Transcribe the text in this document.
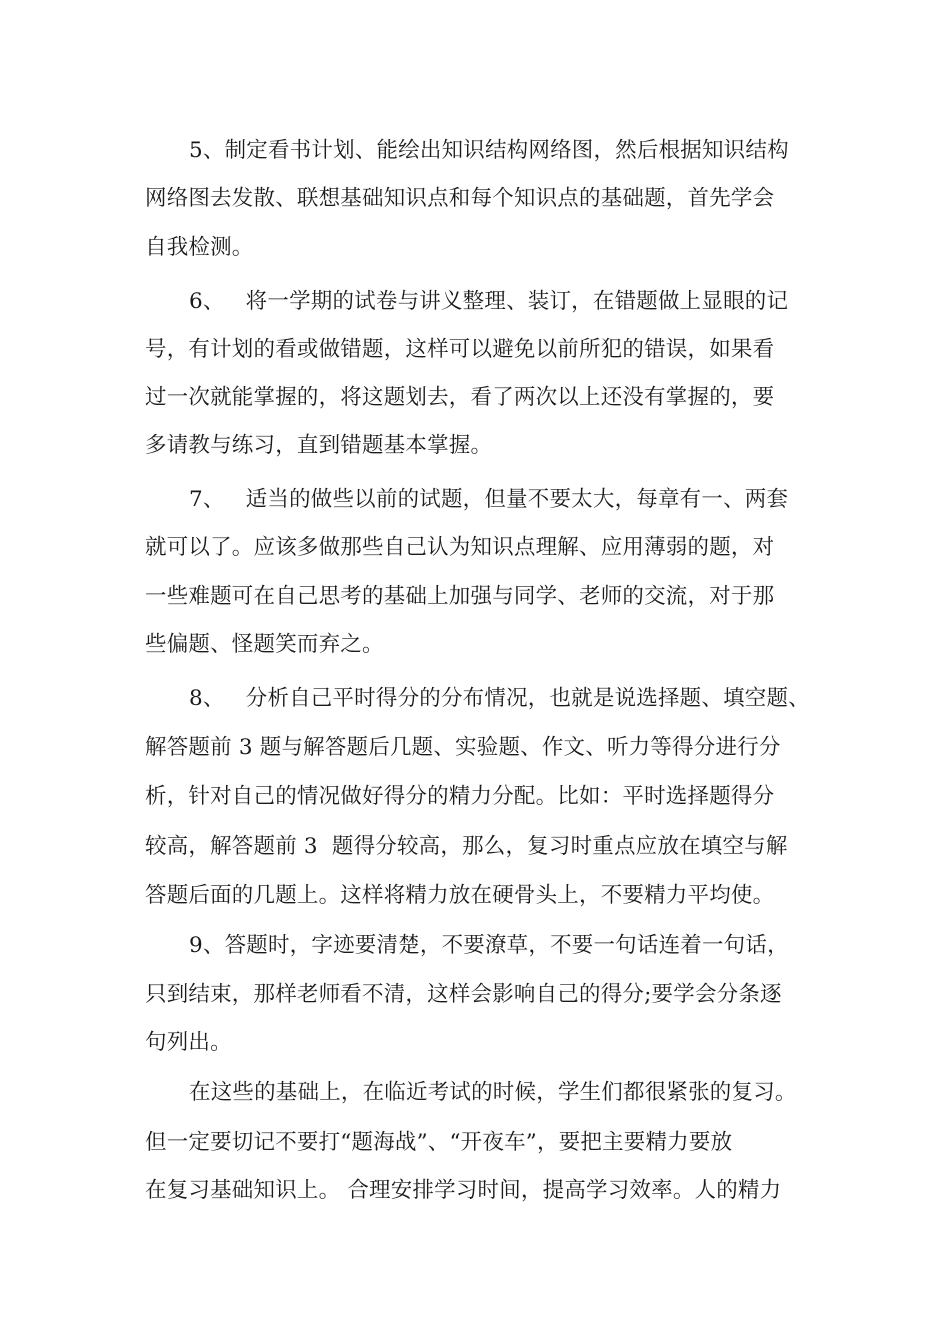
5、制定看书计划、能绘出知识结构网络图，然后根据知识结构
网络图去发散、联想基础知识点和每个知识点的基础题，首先学会
自我检测。
6、   将一学期的试卷与讲义整理、装订，在错题做上显眼的记
号，有计划的看或做错题，这样可以避免以前所犯的错误，如果看
过一次就能掌握的，将这题划去，看了两次以上还没有掌握的，要
多请教与练习，直到错题基本掌握。
7、   适当的做些以前的试题，但量不要太大，每章有一、两套
就可以了。应该多做那些自己认为知识点理解、应用薄弱的题，对
一些难题可在自己思考的基础上加强与同学、老师的交流，对于那
些偏题、怪题笑而弃之。
8、   分析自己平时得分的分布情况，也就是说选择题、填空题、
解答题前 3 题与解答题后几题、实验题、作文、听力等得分进行分
析，针对自己的情况做好得分的精力分配。比如：平时选择题得分
较高，解答题前 3  题得分较高，那么，复习时重点应放在填空与解
答题后面的几题上。这样将精力放在硬骨头上，不要精力平均使。
9、答题时，字迹要清楚，不要潦草，不要一句话连着一句话，
只到结束，那样老师看不清，这样会影响自己的得分;要学会分条逐
句列出。
在这些的基础上，在临近考试的时候，学生们都很紧张的复习。
但一定要切记不要打“题海战”、“开夜车”，要把主要精力要放
在复习基础知识上。 合理安排学习时间，提高学习效率。人的精力
